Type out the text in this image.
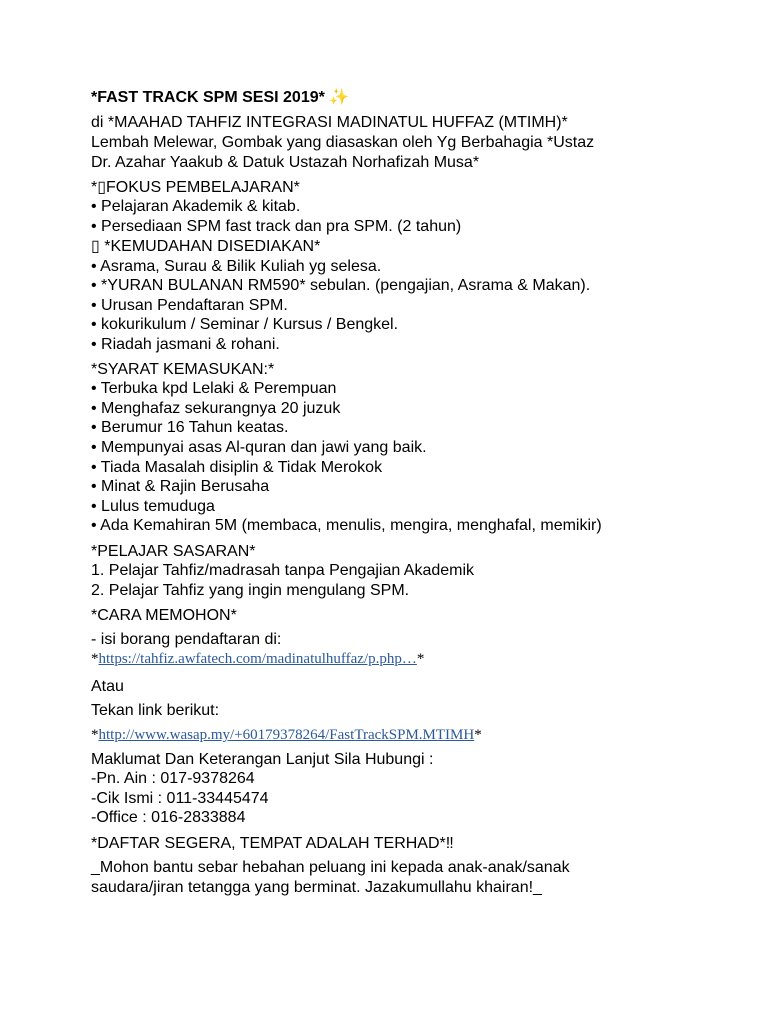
*FAST TRACK SPM SESI 2019* ✨
di *MAAHAD TAHFIZ INTEGRASI MADINATUL HUFFAZ (MTIMH)*
Lembah Melewar, Gombak yang diasaskan oleh Yg Berbahagia *Ustaz
Dr. Azahar Yaakub & Datuk Ustazah Norhafizah Musa*
*▯FOKUS PEMBELAJARAN*
• Pelajaran Akademik & kitab.
• Persediaan SPM fast track dan pra SPM. (2 tahun)
▯ *KEMUDAHAN DISEDIAKAN*
• Asrama, Surau & Bilik Kuliah yg selesa.
• *YURAN BULANAN RM590* sebulan. (pengajian, Asrama & Makan).
• Urusan Pendaftaran SPM.
• kokurikulum / Seminar / Kursus / Bengkel.
• Riadah jasmani & rohani.
*SYARAT KEMASUKAN:*
• Terbuka kpd Lelaki & Perempuan
• Menghafaz sekurangnya 20 juzuk
• Berumur 16 Tahun keatas.
• Mempunyai asas Al-quran dan jawi yang baik.
• Tiada Masalah disiplin & Tidak Merokok
• Minat & Rajin Berusaha
• Lulus temuduga
• Ada Kemahiran 5M (membaca, menulis, mengira, menghafal, memikir)
*PELAJAR SASARAN*
1. Pelajar Tahfiz/madrasah tanpa Pengajian Akademik
2. Pelajar Tahfiz yang ingin mengulang SPM.
*CARA MEMOHON*
- isi borang pendaftaran di:
*https://tahfiz.awfatech.com/madinatulhuffaz/p.php…*
Atau
Tekan link berikut:
*http://www.wasap.my/+60179378264/FastTrackSPM.MTIMH*
Maklumat Dan Keterangan Lanjut Sila Hubungi :
-Pn. Ain : 017-9378264
-Cik Ismi : 011-33445474
-Office : 016-2833884
*DAFTAR SEGERA, TEMPAT ADALAH TERHAD*‼
_Mohon bantu sebar hebahan peluang ini kepada anak-anak/sanak
saudara/jiran tetangga yang berminat. Jazakumullahu khairan!_
